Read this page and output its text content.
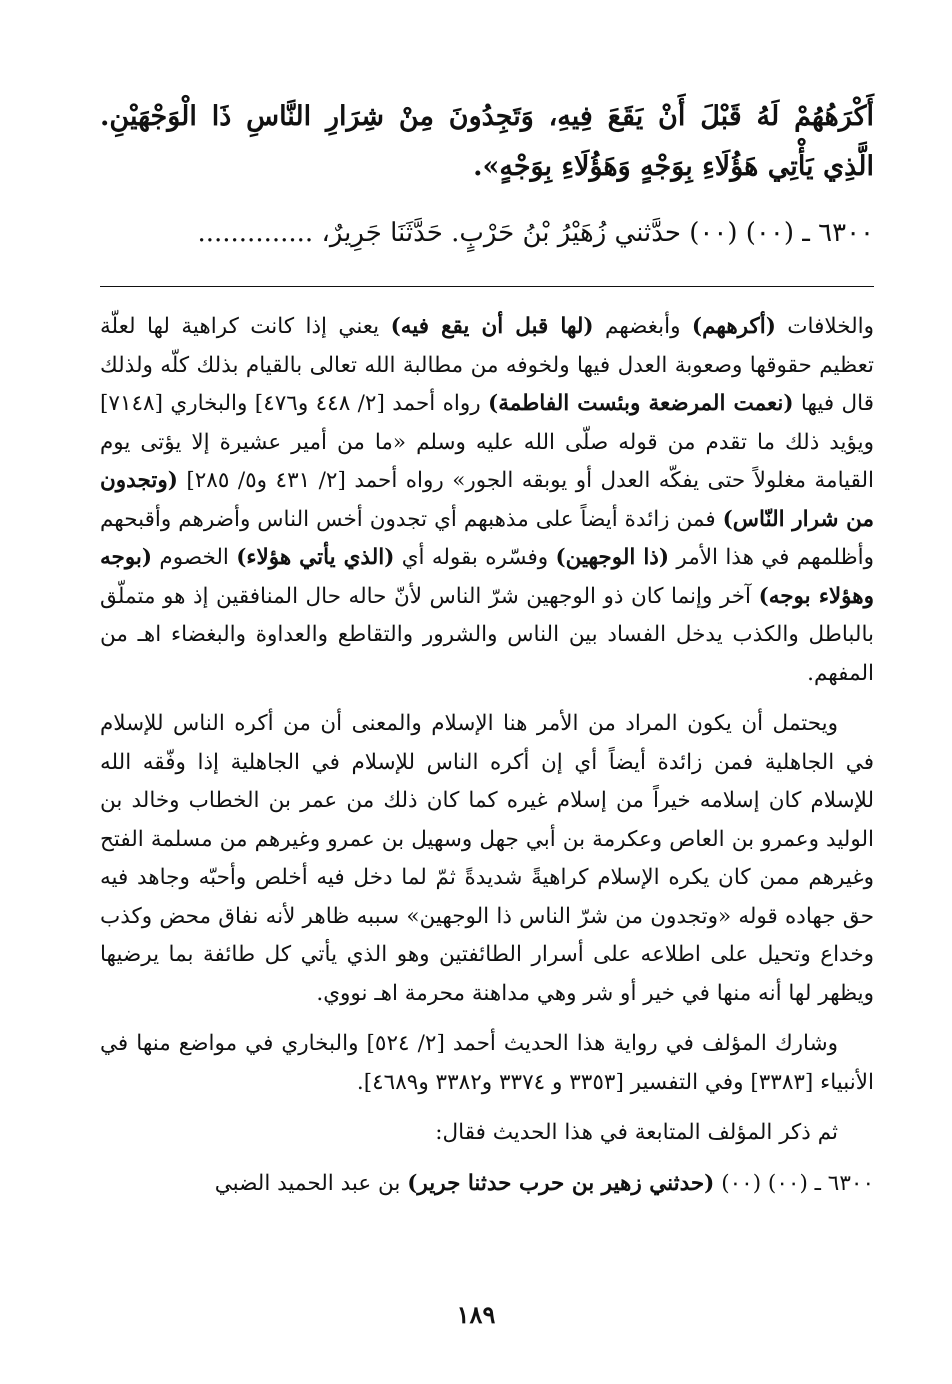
أَكْرَهُهُمْ لَهُ قَبْلَ أَنْ يَقَعَ فِيهِ، وَتَجِدُونَ مِنْ شِرَارِ النَّاسِ ذَا الْوَجْهَيْنِ. الَّذِي يَأْتِي هَؤُلَاءِ بِوَجْهٍ وَهَؤُلَاءِ بِوَجْهٍ».

٦٣٠٠ ـ (٠٠) (٠٠) حدَّثني زُهَيْرُ بْنُ حَرْبٍ. حَدَّثَنَا جَرِيرٌ، ..............

والخلافات (أكرههم) وأبغضهم (لها قبل أن يقع فيه) يعني إذا كانت كراهية لها لعلّة تعظيم حقوقها وصعوبة العدل فيها ولخوفه من مطالبة الله تعالى بالقيام بذلك كلّه ولذلك قال فيها (نعمت المرضعة وبئست الفاطمة) رواه أحمد [٢/ ٤٤٨ و٤٧٦] والبخاري [٧١٤٨] ويؤيد ذلك ما تقدم من قوله صلّى الله عليه وسلم «ما من أمير عشيرة إلا يؤتى يوم القيامة مغلولاً حتى يفكّه العدل أو يوبقه الجور» رواه أحمد [٢/ ٤٣١ و٥/ ٢٨٥] (وتجدون من شرار النّاس) فمن زائدة أيضاً على مذهبهم أي تجدون أخس الناس وأضرهم وأقبحهم وأظلمهم في هذا الأمر (ذا الوجهين) وفسّره بقوله أي (الذي يأتي هؤلاء) الخصوم (بوجه وهؤلاء بوجه) آخر وإنما كان ذو الوجهين شرّ الناس لأنّ حاله حال المنافقين إذ هو متملّق بالباطل والكذب يدخل الفساد بين الناس والشرور والتقاطع والعداوة والبغضاء اهـ من المفهم.

ويحتمل أن يكون المراد من الأمر هنا الإسلام والمعنى أن من أكره الناس للإسلام في الجاهلية فمن زائدة أيضاً أي إن أكره الناس للإسلام في الجاهلية إذا وفّقه الله للإسلام كان إسلامه خيراً من إسلام غيره كما كان ذلك من عمر بن الخطاب وخالد بن الوليد وعمرو بن العاص وعكرمة بن أبي جهل وسهيل بن عمرو وغيرهم من مسلمة الفتح وغيرهم ممن كان يكره الإسلام كراهيةً شديدةً ثمّ لما دخل فيه أخلص وأحبّه وجاهد فيه حق جهاده قوله «وتجدون من شرّ الناس ذا الوجهين» سببه ظاهر لأنه نفاق محض وكذب وخداع وتحيل على اطلاعه على أسرار الطائفتين وهو الذي يأتي كل طائفة بما يرضيها ويظهر لها أنه منها في خير أو شر وهي مداهنة محرمة اهـ نووي.

وشارك المؤلف في رواية هذا الحديث أحمد [٢/ ٥٢٤] والبخاري في مواضع منها في الأنبياء [٣٣٨٣] وفي التفسير [٣٣٥٣ و ٣٣٧٤ و٣٣٨٢ و٤٦٨٩].

ثم ذكر المؤلف المتابعة في هذا الحديث فقال:

٦٣٠٠ ـ (٠٠) (٠٠) (حدثني زهير بن حرب حدثنا جرير) بن عبد الحميد الضبي

١٨٩
